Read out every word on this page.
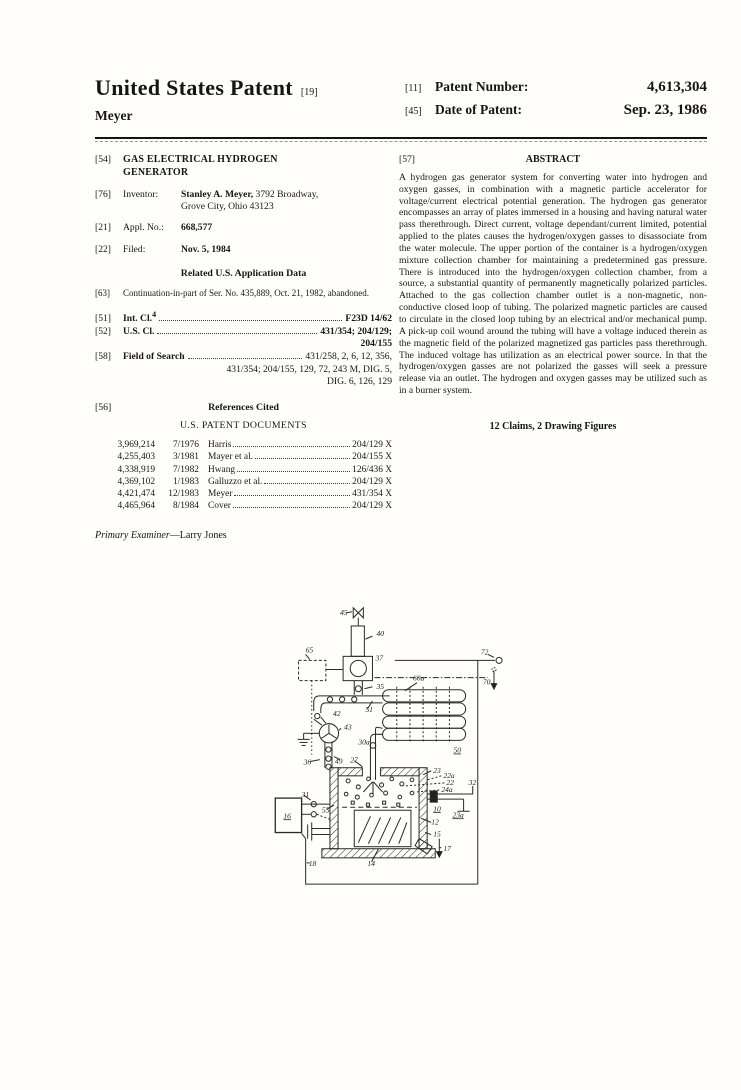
United States Patent [19]
Meyer
[11]	Patent Number:	4,613,304
[45] Date of Patent:	Sep. 23, 1986
[54]	GAS ELECTRICAL HYDROGEN
GENERATOR
[76]	Inventor:	Stanley A. Meyer, 3792 Broadway,
Grove City, Ohio 43123
[21]	Appl. No.:	668,577
[22]	Filed:	Nov. 5, 1984
Related U.S. Application Data
[63]	Continuation-in-part of Ser. No. 435,889, Oct. 21, 1982, abandoned.
[51]	Int. Cl.$^4$	F23D 14/62
[52]	U.S. Cl.	431/354; 204/129;
204/155
[58]	Field of Search	431/258, 2, 6, 12, 356,
431/354; 204/155, 129, 72, 243 M, DIG. 5,
DIG. 6, 126, 129
[56]	References Cited
U.S. PATENT DOCUMENTS
3,969,214	7/1976 Harris	204/129 X
4,255,403	3/1981 Mayer et al.	204/155 X
4,338,919	7/1982 Hwang	126/436 X
4,369,102	1/1983 Galluzzo et al.	204/129 X
4,421,474	12/1983 Meyer	431/354 X
4,465,964	8/1984 Cover	204/129 X
Primary Examiner—Larry Jones
[57]	ABSTRACT
A hydrogen gas generator system for converting water into hydrogen and oxygen gasses, in combination with a magnetic particle accelerator for voltage/current electrical potential generation. The hydrogen gas generator encompasses an array of plates immersed in a housing and having natural water pass therethrough. Direct current, voltage dependant/current limited, potential applied to the plates causes the hydrogen/oxygen gasses to disassociate from the water molecule. The upper portion of the container is a hydrogen/oxygen mixture collection chamber for maintaining a predetermined gas pressure. There is introduced into the hydrogen/oxygen collection chamber, from a source, a substantial quantity of permanently magnetically polarized particles. Attached to the gas collection chamber outlet is a non-magnetic, non-conductive closed loop of tubing. The polarized magnetic particles are caused to circulate in the closed loop tubing by an electrical and/or mechanical pump. A pick-up coil wound around the tubing will have a voltage induced therein as the magnetic field of the polarized magnetized gas particles pass therethrough. The induced voltage has utilization as an electrical power source. In that the hydrogen/oxygen gasses are not polarized the gasses will seek a pressure release via an outlet. The hydrogen and oxygen gasses may be utilized such as in a burner system.
12 Claims, 2 Drawing Figures
45
40
37
65
35
60a
50
51
42
43
30a
72
70
36	49 27
23
22a
22
24a
32
31
55	10
23a
12
15
17
14
18
16
